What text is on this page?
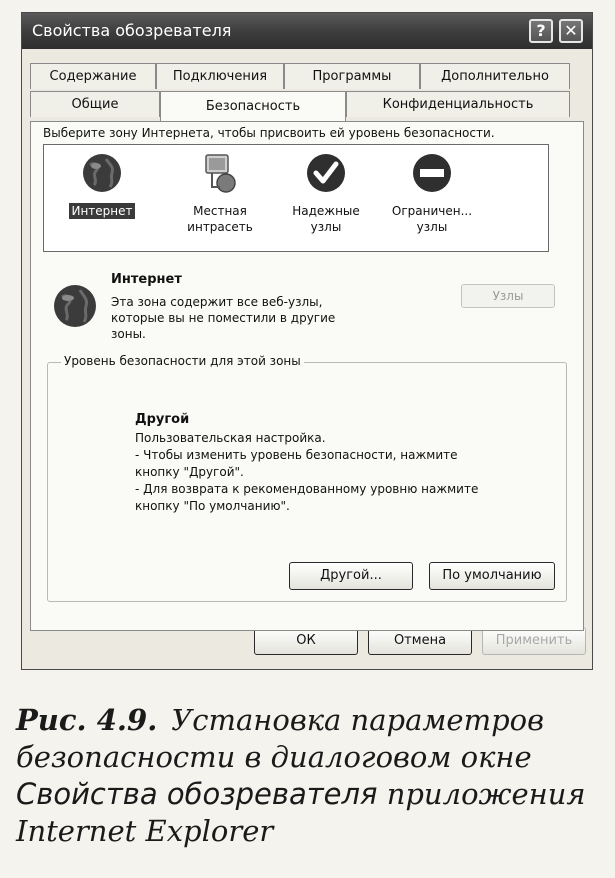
Свойства обозревателя	?	✕
Содержание	Подключения	Программы	Дополнительно
Общие	Безопасность	Конфиденциальность
Выберите зону Интернета, чтобы присвоить ей уровень безопасности.
Интернет	Местная интрасеть
Надежные узлы
Ограничен... узлы
Интернет
Эта зона содержит все веб-узлы, которые вы не поместили в другие зоны.
Узлы
Уровень безопасности для этой зоны
Другой
Пользовательская настройка.
- Чтобы изменить уровень безопасности, нажмите
кнопку "Другой".
- Для возврата к рекомендованному уровню нажмите
кнопку "По умолчанию".
Другой...	По умолчанию
ОК	Отмена	Применить
Рис. 4.9. Установка параметров безопасности в диалоговом окне Свойства обозревателя приложения Internet Explorer
